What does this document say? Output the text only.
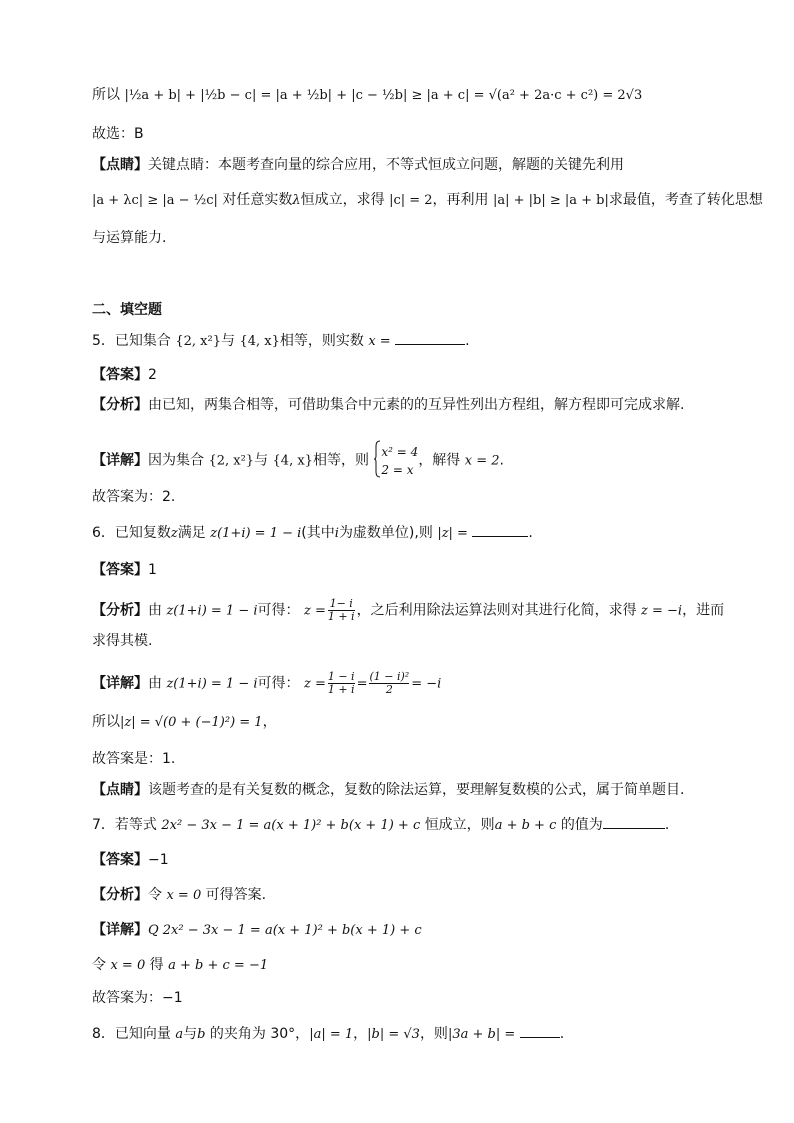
所以 |½a + b| + |½b − c| = |a + ½b| + |c − ½b| ≥ |a + c| = √(a² + 2a·c + c²) = 2√3
故选：B
【点睛】关键点睛：本题考查向量的综合应用，不等式恒成立问题，解题的关键先利用
|a + λc| ≥ |a − ½c| 对任意实数λ恒成立，求得 |c| = 2，再利用 |a| + |b| ≥ |a + b|求最值，考查了转化思想
与运算能力.
二、填空题
5．已知集合 {2, x²}与 {4, x}相等，则实数 x =	.
【答案】2
【分析】由已知，两集合相等，可借助集合中元素的的互异性列出方程组，解方程即可完成求解.
【详解】因为集合 {2, x²}与 {4, x}相等，则
x² = 4
2 = x
，解得 x = 2.
故答案为：2.
6．已知复数z满足 z(1+i) = 1 − i(其中i为虚数单位),则 |z| =	.
【答案】1
【分析】由 z(1+i) = 1 − i可得： $z = \frac{1- i}{1 + i}$ ，之后利用除法运算法则对其进行化简，求得 z = −i，进而
求得其模.
【详解】由 z(1+i) = 1 − i可得： $z = \frac{1 - i}{1 + i} = \frac{\text{(1 − i)²}}{2} = -i$
所以|z| = √(0 + (−1)²) = 1，
故答案是：1.
【点睛】该题考查的是有关复数的概念，复数的除法运算，要理解复数模的公式，属于简单题目.
7．若等式 2x² − 3x − 1 = a(x + 1)² + b(x + 1) + c 恒成立，则a + b + c 的值为	.
【答案】−1
【分析】令 x = 0 可得答案.
【详解】Q 2x² − 3x − 1 = a(x + 1)² + b(x + 1) + c
令 x = 0 得 a + b + c = −1
故答案为：−1
8．已知向量 a与b 的夹角为 30°，|a| = 1，|b| = √3，则|3a + b| =	.
